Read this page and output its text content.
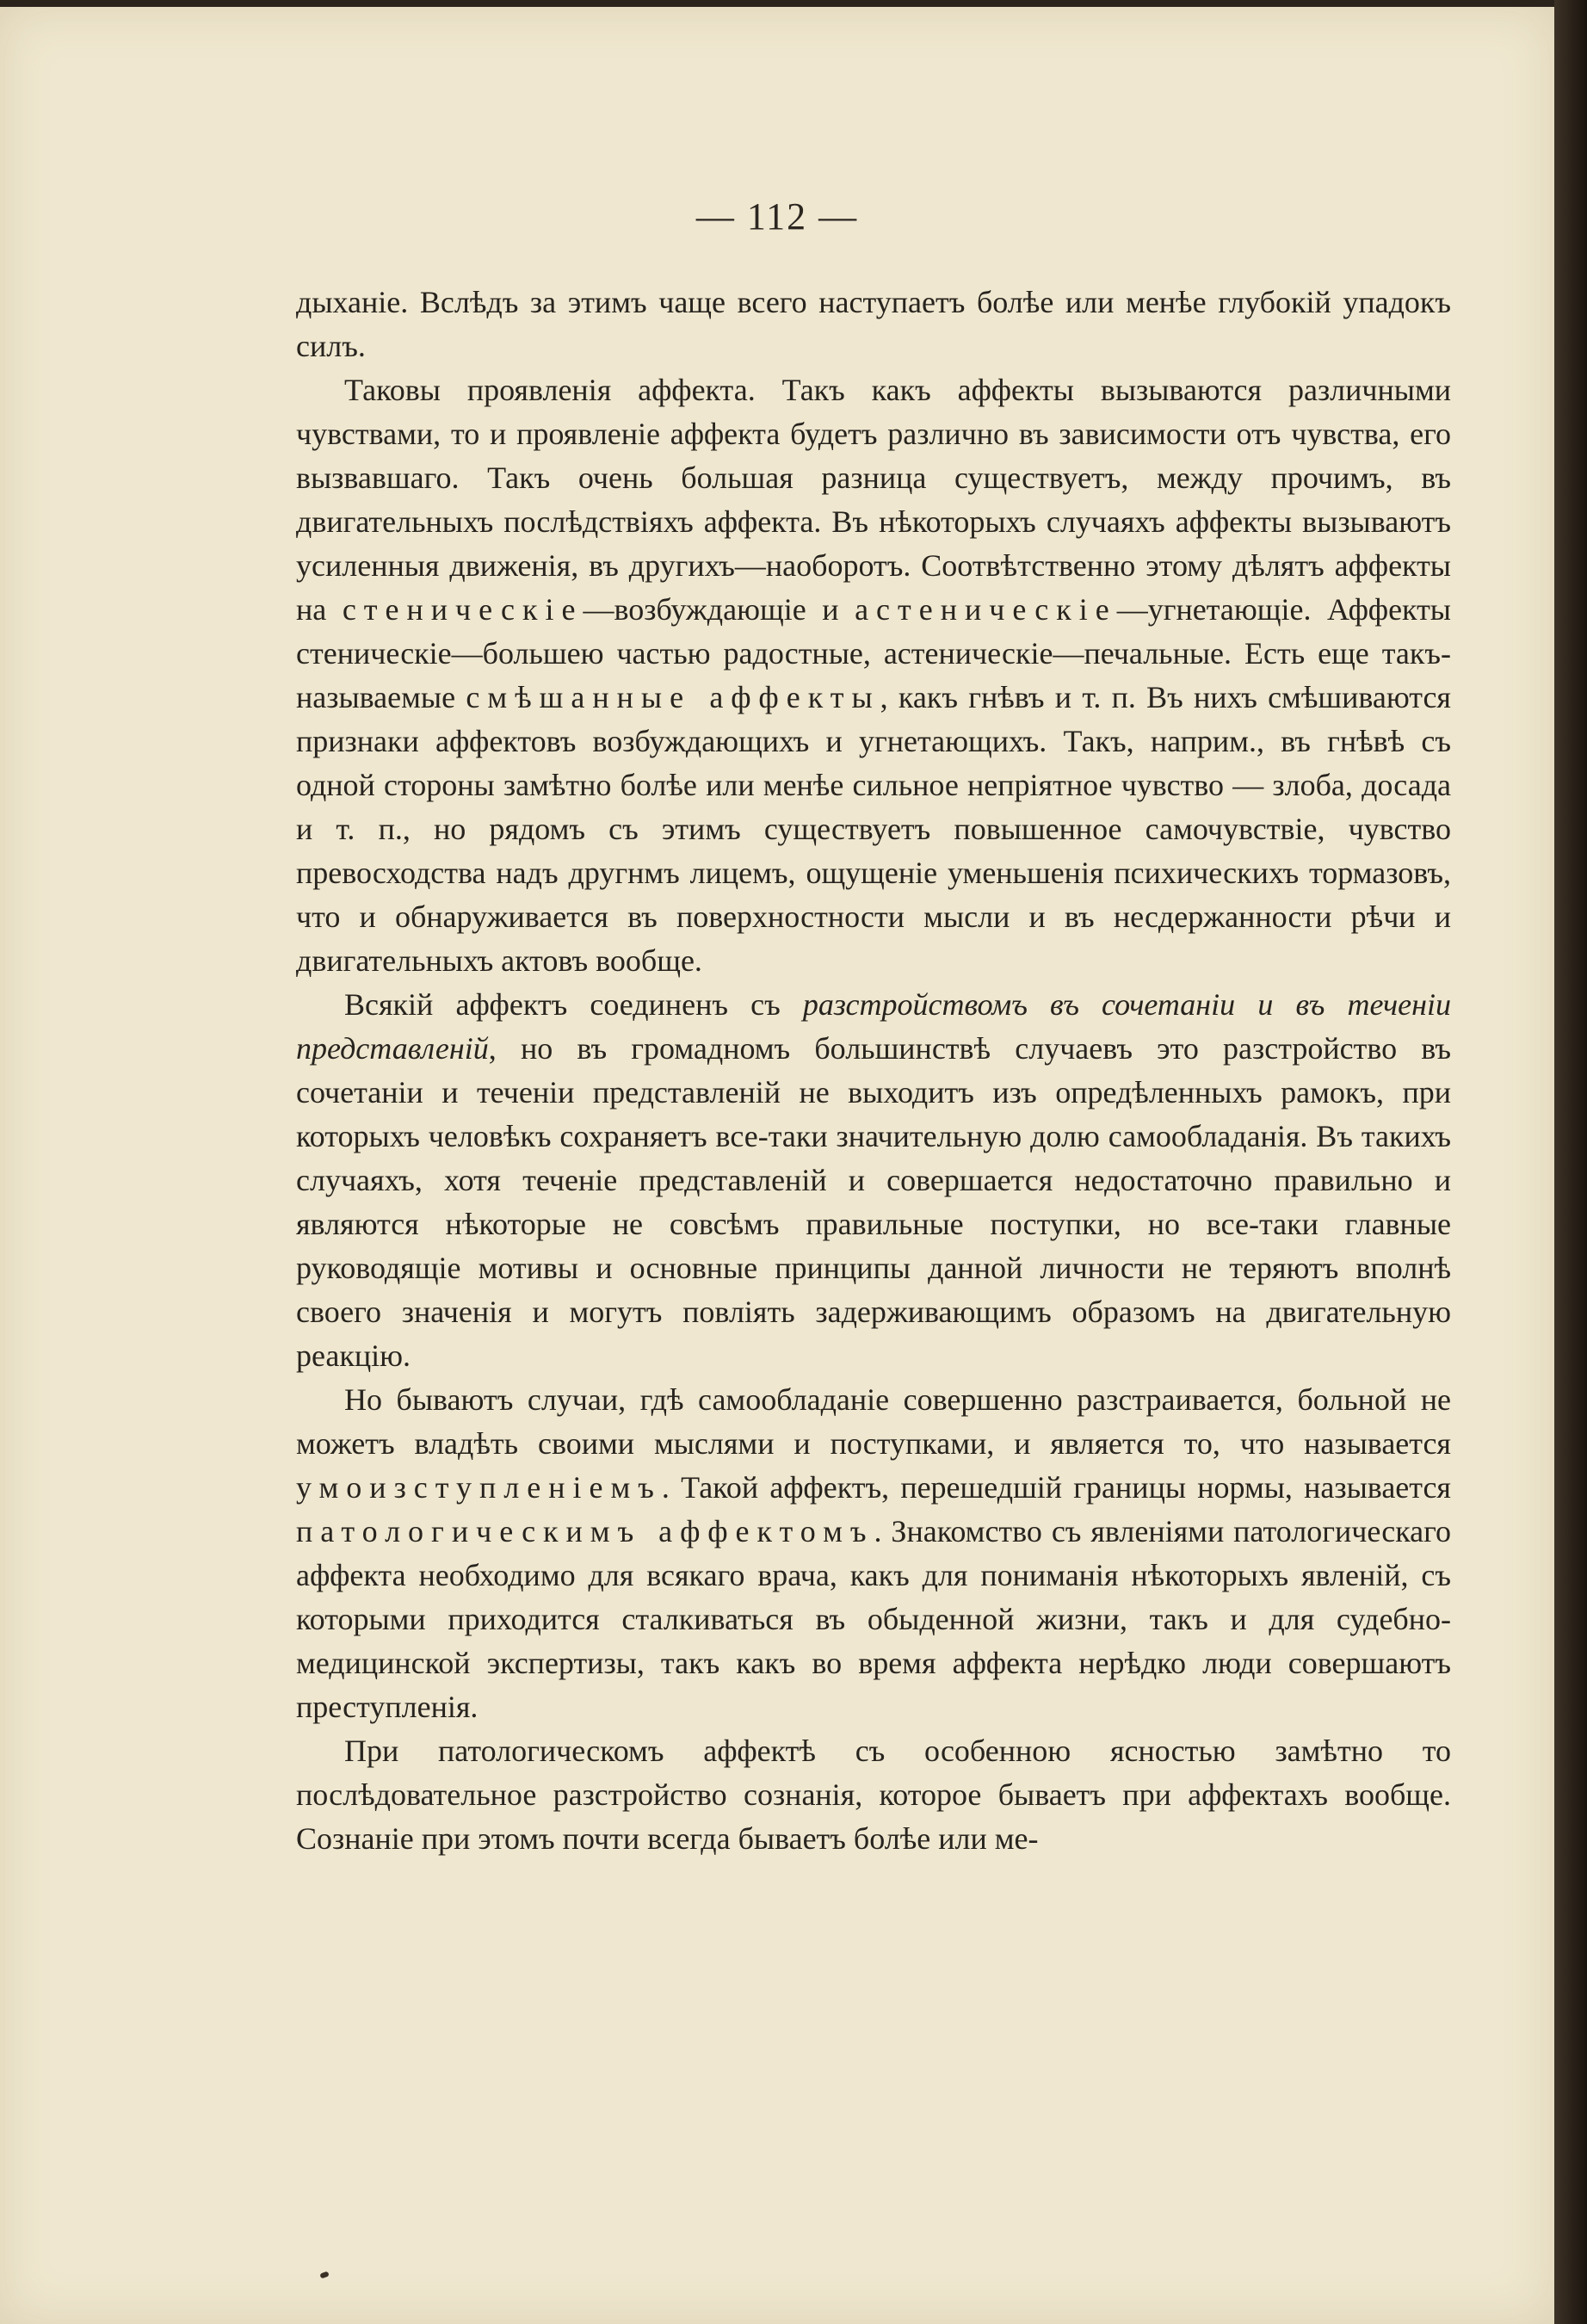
— 112 —

дыханіе. Вслѣдъ за этимъ чаще всего наступаетъ болѣе или менѣе глубокій упадокъ силъ.

Таковы проявленія аффекта. Такъ какъ аффекты вызываются различными чувствами, то и проявленіе аффекта будетъ различно въ зависимости отъ чувства, его вызвавшаго. Такъ очень большая разница существуетъ, между прочимъ, въ двигательныхъ послѣдствіяхъ аффекта. Въ нѣкоторыхъ случаяхъ аффекты вызываютъ усиленныя движенія, въ другихъ—наоборотъ. Соотвѣтственно этому дѣлятъ аффекты на стеническіе—возбуждающіе и астеническіе—угнетающіе. Аффекты стеническіе—большею частью радостные, астеническіе—печальные. Есть еще такъ-называемые смѣшанные аффекты, какъ гнѣвъ и т. п. Въ нихъ смѣшиваются признаки аффектовъ возбуждающихъ и угнетающихъ. Такъ, наприм., въ гнѣвѣ съ одной стороны замѣтно болѣе или менѣе сильное непріятное чувство — злоба, досада и т. п., но рядомъ съ этимъ существуетъ повышенное самочувствіе, чувство превосходства надъ другнмъ лицемъ, ощущеніе уменьшенія психическихъ тормазовъ, что и обнаруживается въ поверхностности мысли и въ несдержанности рѣчи и двигательныхъ актовъ вообще.

Всякій аффектъ соединенъ съ разстройствомъ въ сочетаніи и въ теченіи представленій, но въ громадномъ большинствѣ случаевъ это разстройство въ сочетаніи и теченіи представленій не выходитъ изъ опредѣленныхъ рамокъ, при которыхъ человѣкъ сохраняетъ все-таки значительную долю самообладанія. Въ такихъ случаяхъ, хотя теченіе представленій и совершается недостаточно правильно и являются нѣкоторые не совсѣмъ правильные поступки, но все-таки главные руководящіе мотивы и основные принципы данной личности не теряютъ вполнѣ своего значенія и могутъ повліять задерживающимъ образомъ на двигательную реакцію.

Но бываютъ случаи, гдѣ самообладаніе совершенно разстраивается, больной не можетъ владѣть своими мыслями и поступками, и является то, что называется умоизступленіемъ. Такой аффектъ, перешедшій границы нормы, называется патологическимъ аффектомъ. Знакомство съ явленіями патологическаго аффекта необходимо для всякаго врача, какъ для пониманія нѣкоторыхъ явленій, съ которыми приходится сталкиваться въ обыденной жизни, такъ и для судебно-медицинской экспертизы, такъ какъ во время аффекта нерѣдко люди совершаютъ преступленія.

При патологическомъ аффектѣ съ особенною ясностью замѣтно то послѣдовательное разстройство сознанія, которое бываетъ при аффектахъ вообще. Сознаніе при этомъ почти всегда бываетъ болѣе или ме-
